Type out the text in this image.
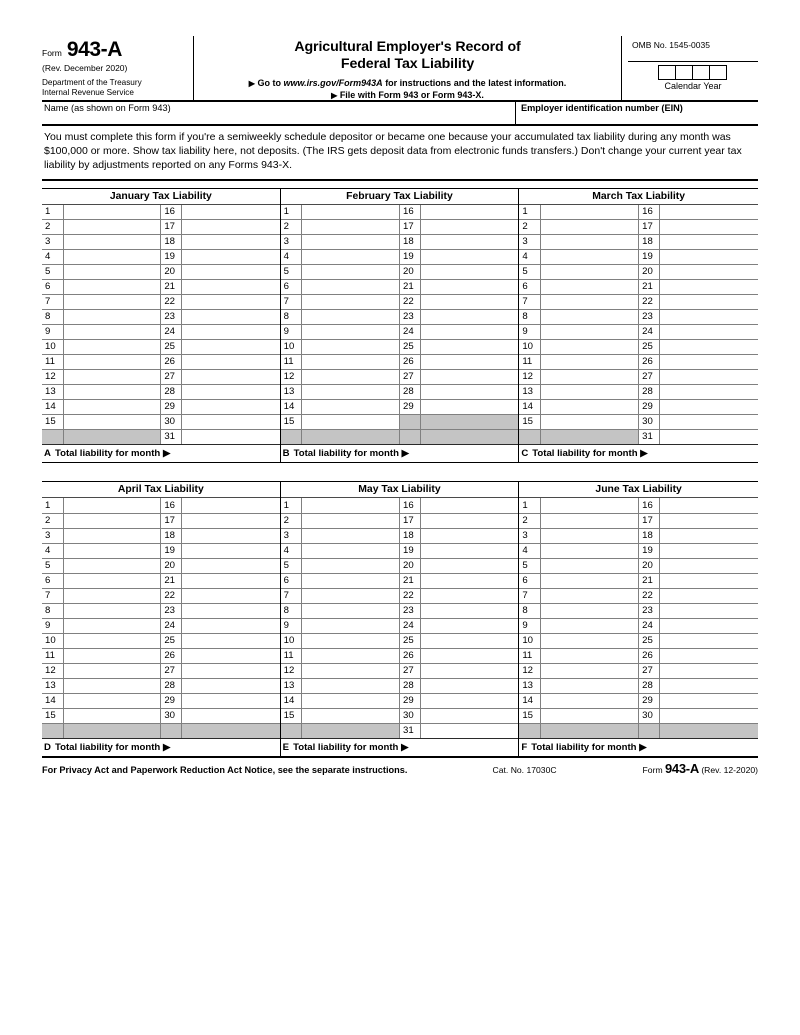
Form 943-A
(Rev. December 2020)
Department of the Treasury
Internal Revenue Service
Agricultural Employer's Record of
Federal Tax Liability
▶ Go to www.irs.gov/Form943A for instructions and the latest information.
▶ File with Form 943 or Form 943-X.
OMB No. 1545-0035
Calendar Year
Name (as shown on Form 943)	Employer identification number (EIN)
You must complete this form if you're a semiweekly schedule depositor or became one because your accumulated tax liability during any month was $100,000 or more. Show tax liability here, not deposits. (The IRS gets deposit data from electronic funds transfers.) Don't change your current year tax liability by adjustments reported on any Forms 943-X.
January Tax Liability
1		16	
2		17	
3		18	
4		19	
5		20	
6		21	
7		22	
8		23	
9		24	
10		25	
11		26	
12		27	
13		28	
14		29	
15		30	
		31	
A Total liability for month ▶
February Tax Liability
1		16	
2		17	
3		18	
4		19	
5		20	
6		21	
7		22	
8		23	
9		24	
10		25	
11		26	
12		27	
13		28	
14		29	
15			

B Total liability for month ▶
March Tax Liability
1		16	
2		17	
3		18	
4		19	
5		20	
6		21	
7		22	
8		23	
9		24	
10		25	
11		26	
12		27	
13		28	
14		29	
15		30	
		31	
C Total liability for month ▶
April Tax Liability
1		16	
2		17	
3		18	
4		19	
5		20	
6		21	
7		22	
8		23	
9		24	
10		25	
11		26	
12		27	
13		28	
14		29	
15		30	

D Total liability for month ▶
May Tax Liability
1		16	
2		17	
3		18	
4		19	
5		20	
6		21	
7		22	
8		23	
9		24	
10		25	
11		26	
12		27	
13		28	
14		29	
15		30	
		31	
E Total liability for month ▶
June Tax Liability
1		16	
2		17	
3		18	
4		19	
5		20	
6		21	
7		22	
8		23	
9		24	
10		25	
11		26	
12		27	
13		28	
14		29	
15		30	

F Total liability for month ▶
For Privacy Act and Paperwork Reduction Act Notice, see the separate instructions.	Cat. No. 17030C	Form 943-A (Rev. 12-2020)
